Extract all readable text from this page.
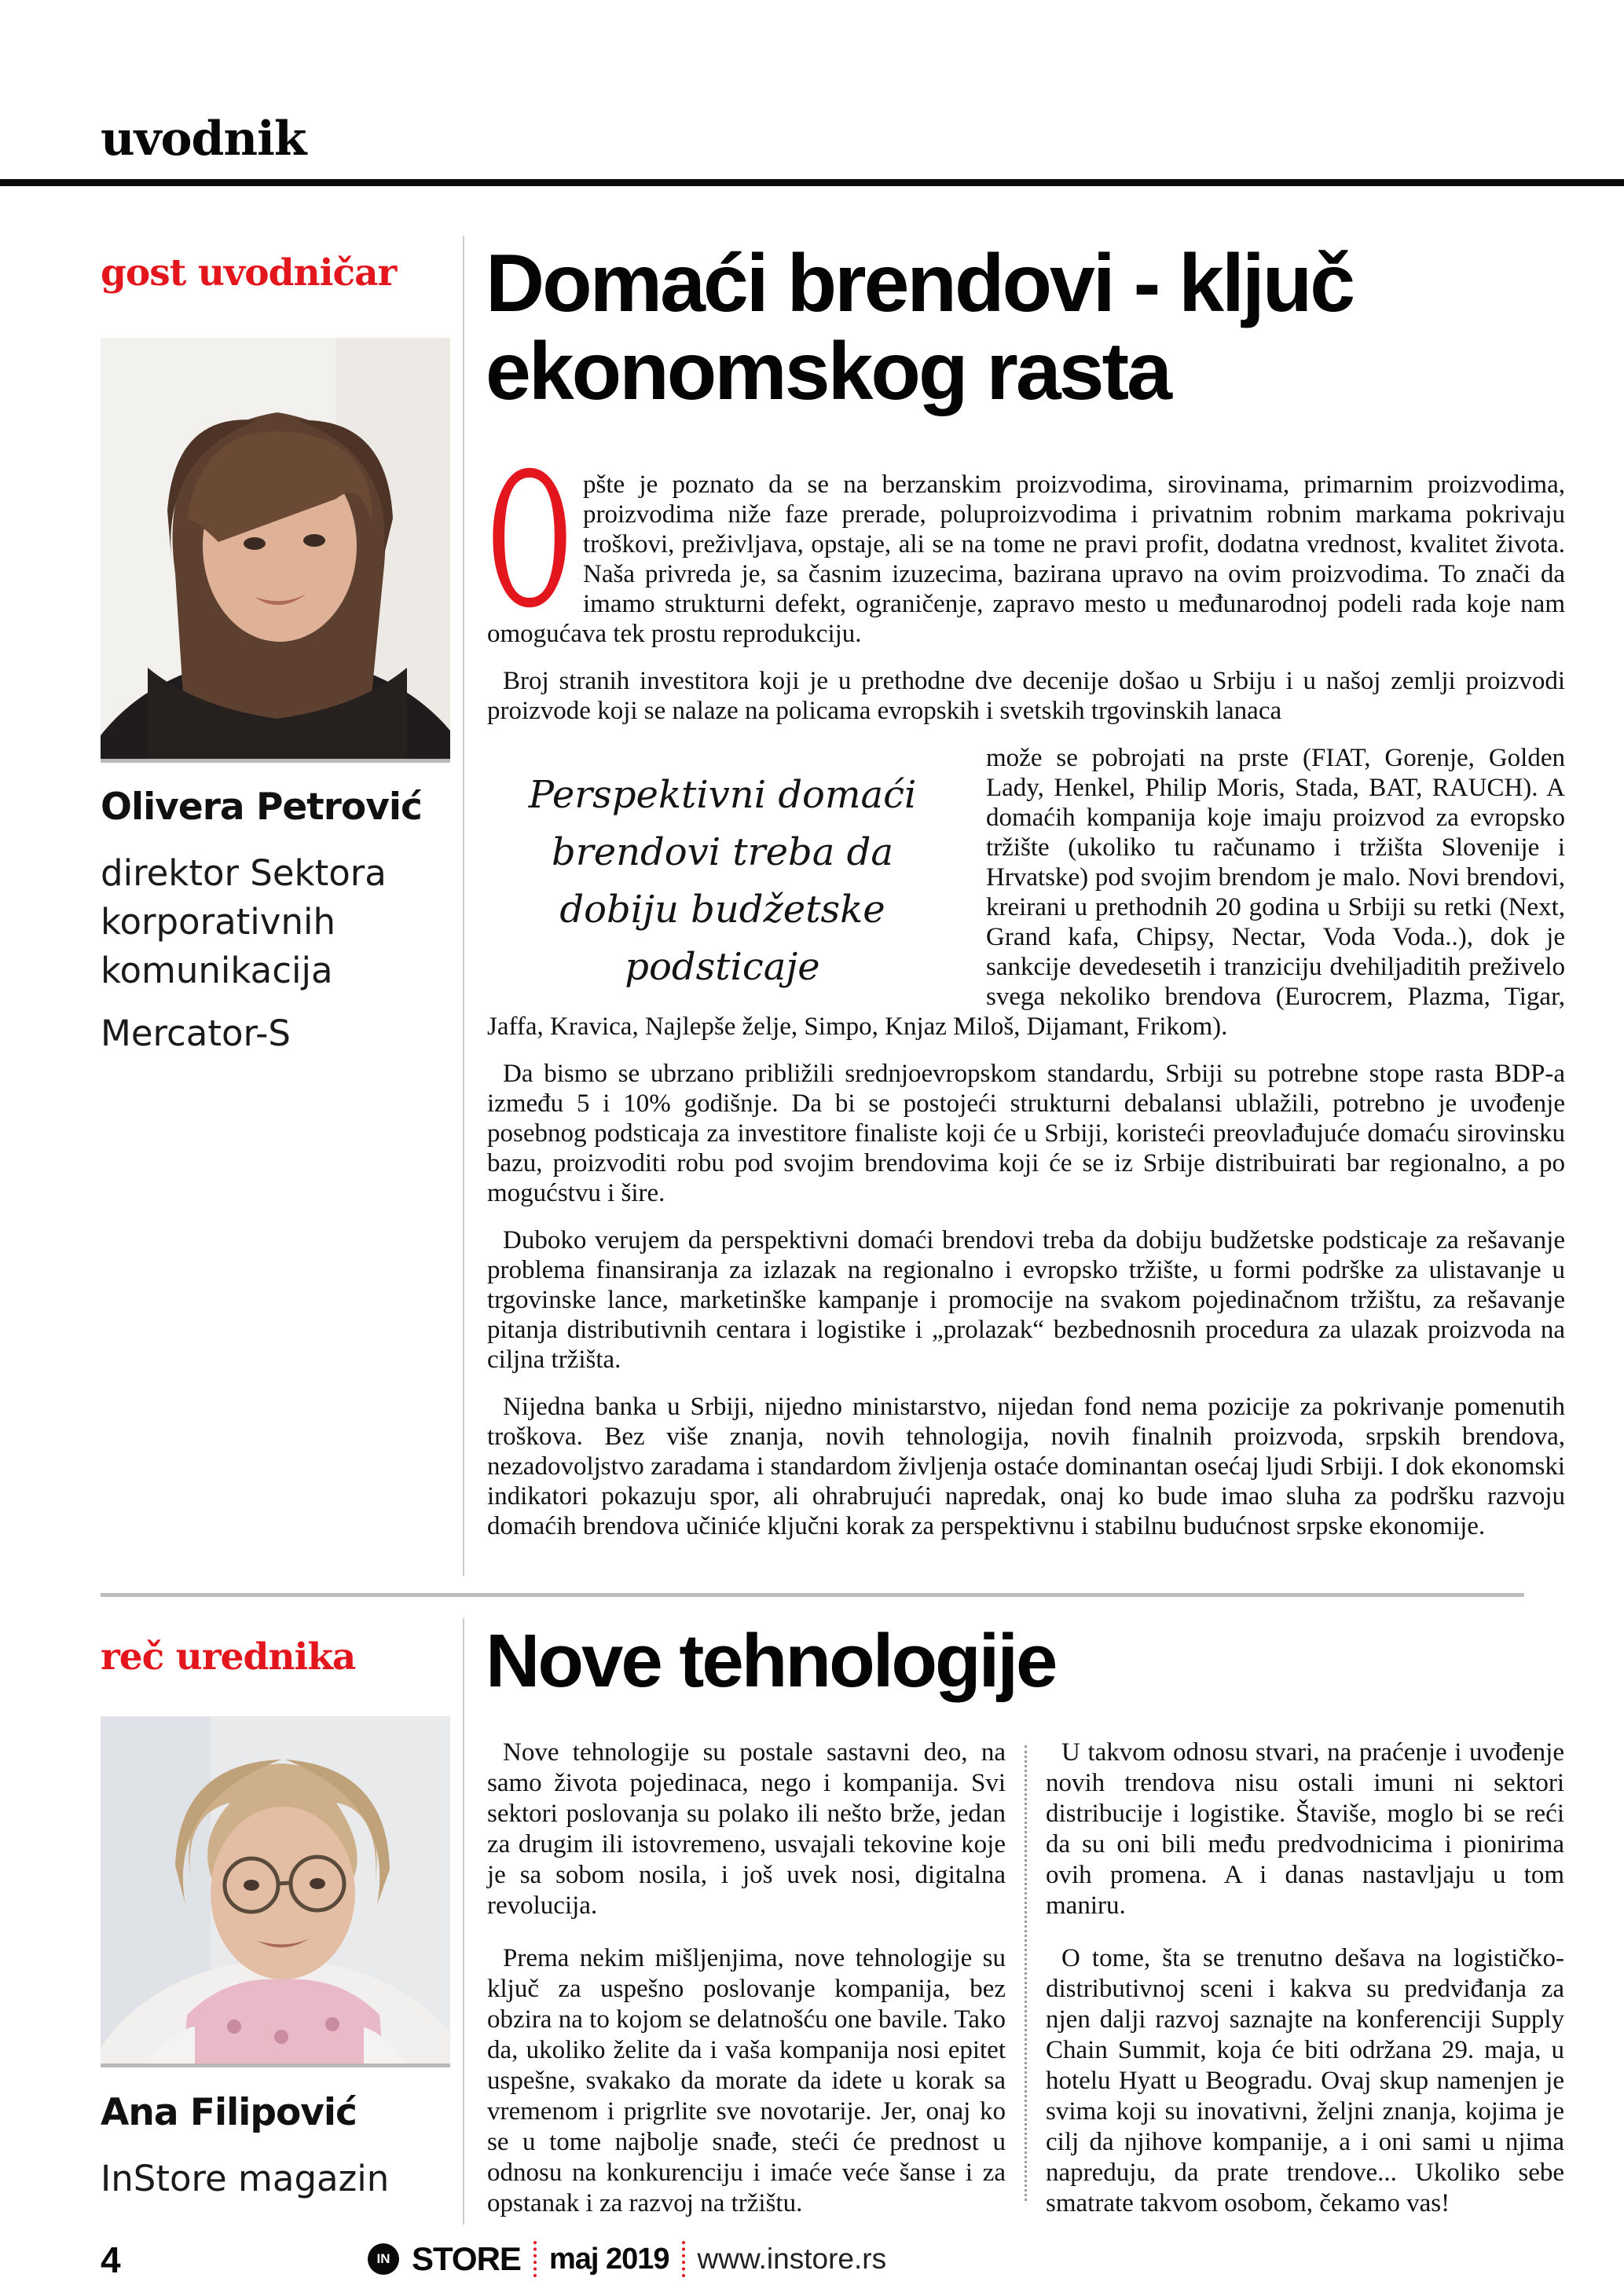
uvodnik
gost uvodničar
Olivera Petrović
direktor Sektora korporativnih komunikacija
Mercator-S
Domaći brendovi - ključ
ekonomskog rasta

Opšte je poznato da se na berzanskim proizvodima, sirovinama, primarnim proizvodima, proizvodima niže faze prerade, poluproizvodima i privatnim robnim markama pokrivaju troškovi, preživljava, opstaje, ali se na tome ne pravi profit, dodatna vrednost, kvalitet života. Naša privreda je, sa časnim izuzecima, bazirana upravo na ovim proizvodima. To znači da imamo strukturni defekt, ograničenje, zapravo mesto u međunarodnoj podeli rada koje nam omogućava tek prostu reprodukciju.

Broj stranih investitora koji je u prethodne dve decenije došao u Srbiju i u našoj zemlji proizvodi proizvode koji se nalaze na policama evropskih i svetskih trgovinskih lanaca

Perspektivni domaći brendovi treba da dobiju budžetske podsticaje

može se pobrojati na prste (FIAT, Gorenje, Golden Lady, Henkel, Philip Moris, Stada, BAT, RAUCH). A domaćih kompanija koje imaju proizvod za evropsko tržište (ukoliko tu računamo i tržišta Slovenije i Hrvatske) pod svojim brendom je malo. Novi brendovi, kreirani u prethodnih 20 godina u Srbiji su retki (Next, Grand kafa, Chipsy, Nectar, Voda Voda..), dok je sankcije devedesetih i tranziciju dvehiljaditih preživelo svega nekoliko brendova (Eurocrem, Plazma, Tigar, Jaffa, Kravica, Najlepše želje, Simpo, Knjaz Miloš, Dijamant, Frikom).

Da bismo se ubrzano približili srednjoevropskom standardu, Srbiji su potrebne stope rasta BDP-a između 5 i 10% godišnje. Da bi se postojeći strukturni debalansi ublažili, potrebno je uvođenje posebnog podsticaja za investitore finaliste koji će u Srbiji, koristeći preovlađujuće domaću sirovinsku bazu, proizvoditi robu pod svojim brendovima koji će se iz Srbije distribuirati bar regionalno, a po mogućstvu i šire.

Duboko verujem da perspektivni domaći brendovi treba da dobiju budžetske podsticaje za rešavanje problema finansiranja za izlazak na regionalno i evropsko tržište, u formi podrške za ulistavanje u trgovinske lance, marketinške kampanje i promocije na svakom pojedinačnom tržištu, za rešavanje pitanja distributivnih centara i logistike i „prolazak“ bezbednosnih procedura za ulazak proizvoda na ciljna tržišta.

Nijedna banka u Srbiji, nijedno ministarstvo, nijedan fond nema pozicije za pokrivanje pomenutih troškova. Bez više znanja, novih tehnologija, novih finalnih proizvoda, srpskih brendova, nezadovoljstvo zaradama i standardom življenja ostaće dominantan osećaj ljudi Srbiji. I dok ekonomski indikatori pokazuju spor, ali ohrabrujući napredak, onaj ko bude imao sluha za podršku razvoju domaćih brendova učiniće ključni korak za perspektivnu i stabilnu budućnost srpske ekonomije.

reč urednika
Ana Filipović
InStore magazin
Nove tehnologije

Nove tehnologije su postale sastavni deo, na samo života pojedinaca, nego i kompanija. Svi sektori poslovanja su polako ili nešto brže, jedan za drugim ili istovremeno, usvajali tekovine koje je sa sobom nosila, i još uvek nosi, digitalna revolucija.

Prema nekim mišljenjima, nove tehnologije su ključ za uspešno poslovanje kompanija, bez obzira na to kojom se delatnošću one bavile. Tako da, ukoliko želite da i vaša kompanija nosi epitet uspešne, svakako da morate da idete u korak sa vremenom i prigrlite sve novotarije. Jer, onaj ko se u tome najbolje snađe, steći će prednost u odnosu na konkurenciju i imaće veće šanse i za opstanak i za razvoj na tržištu.

U takvom odnosu stvari, na praćenje i uvođenje novih trendova nisu ostali imuni ni sektori distribucije i logistike. Štaviše, moglo bi se reći da su oni bili među predvodnicima i pionirima ovih promena. A i danas nastavljaju u tom maniru.

O tome, šta se trenutno dešava na logističko-distributivnoj sceni i kakva su predviđanja za njen dalji razvoj saznajte na konferenciji Supply Chain Summit, koja će biti održana 29. maja, u hotelu Hyatt u Beogradu. Ovaj skup namenjen je svima koji su inovativni, željni znanja, kojima je cilj da njihove kompanije, a i oni sami u njima napreduju, da prate trendove... Ukoliko sebe smatrate takvom osobom, čekamo vas!

4	IN STORE maj 2019 www.instore.rs
